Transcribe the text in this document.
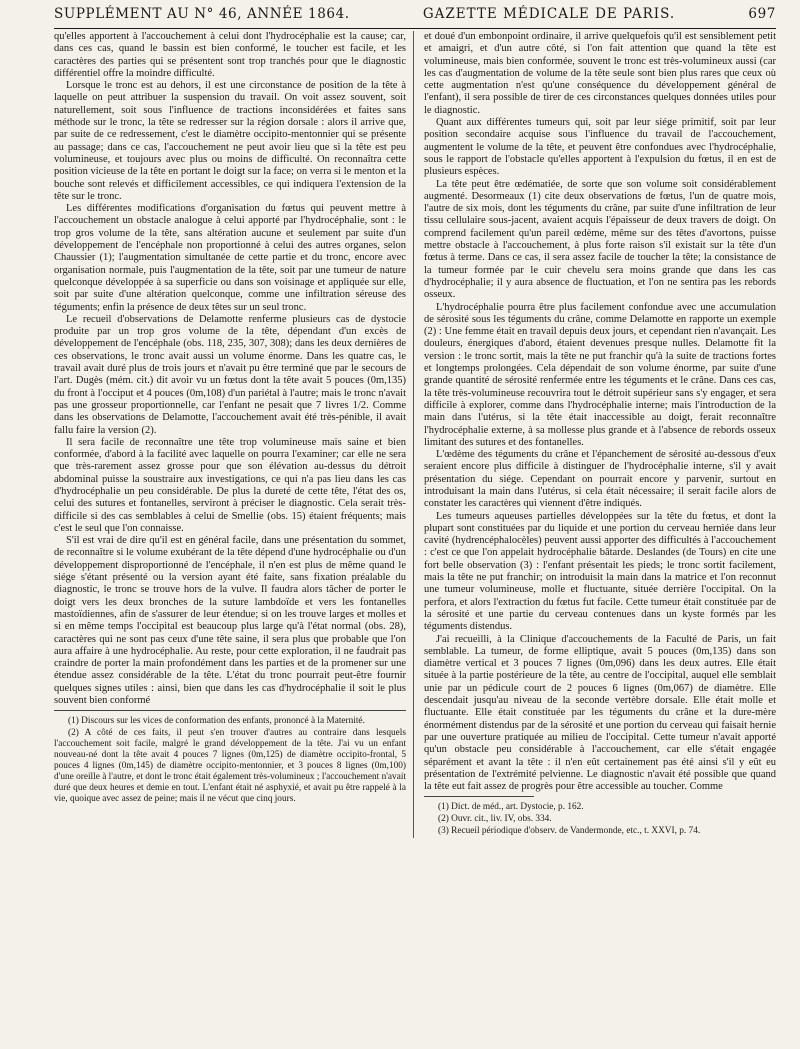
SUPPLÉMENT AU N° 46, ANNÉE 1864.	GAZETTE MÉDICALE DE PARIS.	697

qu'elles apportent à l'accouchement à celui dont l'hydrocéphalie est la cause; car, dans ces cas, quand le bassin est bien conformé, le toucher est facile, et les caractères des parties qui se présentent sont trop tranchés pour que le diagnostic différentiel offre la moindre difficulté.

Lorsque le tronc est au dehors, il est une circonstance de position de la tête à laquelle on peut attribuer la suspension du travail. On voit assez souvent, soit naturellement, soit sous l'influence de tractions inconsidérées et faites sans méthode sur le tronc, la tête se redresser sur la région dorsale : alors il arrive que, par suite de ce redressement, c'est le diamètre occipito-mentonnier qui se présente au passage; dans ce cas, l'accouchement ne peut avoir lieu que si la tête est peu volumineuse, et toujours avec plus ou moins de difficulté. On reconnaîtra cette position vicieuse de la tête en portant le doigt sur la face; on verra si le menton et la bouche sont relevés et difficilement accessibles, ce qui indiquera l'extension de la tête sur le tronc.

Les différentes modifications d'organisation du fœtus qui peuvent mettre à l'accouchement un obstacle analogue à celui apporté par l'hydrocéphalie, sont : le trop gros volume de la tête, sans altération aucune et seulement par suite d'un développement de l'encéphale non proportionné à celui des autres organes, selon Chaussier (1); l'augmentation simultanée de cette partie et du tronc, encore avec organisation normale, puis l'augmentation de la tête, soit par une tumeur de nature quelconque développée à sa superficie ou dans son voisinage et appliquée sur elle, soit par suite d'une altération quelconque, comme une infiltration séreuse des téguments; enfin la présence de deux têtes sur un seul tronc.

Le recueil d'observations de Delamotte renferme plusieurs cas de dystocie produite par un trop gros volume de la tête, dépendant d'un excès de développement de l'encéphale (obs. 118, 235, 307, 308); dans les deux dernières de ces observations, le tronc avait aussi un volume énorme. Dans les quatre cas, le travail avait duré plus de trois jours et n'avait pu être terminé que par le secours de l'art. Dugès (mém. cit.) dit avoir vu un fœtus dont la tête avait 5 pouces (0m,135) du front à l'occiput et 4 pouces (0m,108) d'un pariétal à l'autre; mais le tronc n'avait pas une grosseur proportionnelle, car l'enfant ne pesait que 7 livres 1/2. Comme dans les observations de Delamotte, l'accouchement avait été très-pénible, il avait fallu faire la version (2).

Il sera facile de reconnaître une tête trop volumineuse mais saine et bien conformée, d'abord à la facilité avec laquelle on pourra l'examiner; car elle ne sera que très-rarement assez grosse pour que son élévation au-dessus du détroit abdominal puisse la soustraire aux investigations, ce qui n'a pas lieu dans les cas d'hydrocéphalie un peu considérable. De plus la dureté de cette tête, l'état des os, celui des sutures et fontanelles, serviront à préciser le diagnostic. Cela serait très-difficile si des cas semblables à celui de Smellie (obs. 15) étaient fréquents; mais c'est le seul que l'on connaisse.

S'il est vrai de dire qu'il est en général facile, dans une présentation du sommet, de reconnaître si le volume exubérant de la tête dépend d'une hydrocéphalie ou d'un développement disproportionné de l'encéphale, il n'en est plus de même quand le siége s'étant présenté ou la version ayant été faite, sans fixation préalable du diagnostic, le tronc se trouve hors de la vulve. Il faudra alors tâcher de porter le doigt vers les deux bronches de la suture lambdoïde et vers les fontanelles mastoïdiennes, afin de s'assurer de leur étendue; si on les trouve larges et molles et si en même temps l'occipital est beaucoup plus large qu'à l'état normal (obs. 28), caractères qui ne sont pas ceux d'une tête saine, il sera plus que probable que l'on aura affaire à une hydrocéphalie. Au reste, pour cette exploration, il ne faudrait pas craindre de porter la main profondément dans les parties et de la promener sur une étendue assez considérable de la tête. L'état du tronc pourrait peut-être fournir quelques signes utiles : ainsi, bien que dans les cas d'hydrocéphalie il soit le plus souvent bien conformé

(1) Discours sur les vices de conformation des enfants, prononcé à la Maternité.

(2) A côté de ces faits, il peut s'en trouver d'autres au contraire dans lesquels l'accouchement soit facile, malgré le grand développement de la tête. J'ai vu un enfant nouveau-né dont la tête avait 4 pouces 7 lignes (0m,125) de diamètre occipito-frontal, 5 pouces 4 lignes (0m,145) de diamètre occipito-mentonnier, et 3 pouces 8 lignes (0m,100) d'une oreille à l'autre, et dont le tronc était également très-volumineux ; l'accouchement n'avait duré que deux heures et demie en tout. L'enfant était né asphyxié, et avait pu être rappelé à la vie, quoique avec assez de peine; mais il ne vécut que cinq jours.

et doué d'un embonpoint ordinaire, il arrive quelquefois qu'il est sensiblement petit et amaigri, et d'un autre côté, si l'on fait attention que quand la tête est volumineuse, mais bien conformée, souvent le tronc est très-volumineux aussi (car les cas d'augmentation de volume de la tête seule sont bien plus rares que ceux où cette augmentation n'est qu'une conséquence du développement général de l'enfant), il sera possible de tirer de ces circonstances quelques données utiles pour le diagnostic.

Quant aux différentes tumeurs qui, soit par leur siége primitif, soit par leur position secondaire acquise sous l'influence du travail de l'accouchement, augmentent le volume de la tête, et peuvent être confondues avec l'hydrocéphalie, sous le rapport de l'obstacle qu'elles apportent à l'expulsion du fœtus, il en est de plusieurs espèces.

La tête peut être œdématiée, de sorte que son volume soit considérablement augmenté. Desormeaux (1) cite deux observations de fœtus, l'un de quatre mois, l'autre de six mois, dont les téguments du crâne, par suite d'une infiltration de leur tissu cellulaire sous-jacent, avaient acquis l'épaisseur de deux travers de doigt. On comprend facilement qu'un pareil œdème, même sur des têtes d'avortons, puisse mettre obstacle à l'accouchement, à plus forte raison s'il existait sur la tête d'un fœtus à terme. Dans ce cas, il sera assez facile de toucher la tête; la consistance de la tumeur formée par le cuir chevelu sera moins grande que dans les cas d'hydrocéphalie; il y aura absence de fluctuation, et l'on ne sentira pas les rebords osseux.

L'hydrocéphalie pourra être plus facilement confondue avec une accumulation de sérosité sous les téguments du crâne, comme Delamotte en rapporte un exemple (2) : Une femme était en travail depuis deux jours, et cependant rien n'avançait. Les douleurs, énergiques d'abord, étaient devenues presque nulles. Delamotte fit la version : le tronc sortit, mais la tête ne put franchir qu'à la suite de tractions fortes et longtemps prolongées. Cela dépendait de son volume énorme, par suite d'une grande quantité de sérosité renfermée entre les téguments et le crâne. Dans ces cas, la tête très-volumineuse recouvrira tout le détroit supérieur sans s'y engager, et sera difficile à explorer, comme dans l'hydrocéphalie interne; mais l'introduction de la main dans l'utérus, si la tête était inaccessible au doigt, ferait reconnaître l'hydrocéphalie externe, à sa mollesse plus grande et à l'absence de rebords osseux limitant des sutures et des fontanelles.

L'œdème des téguments du crâne et l'épanchement de sérosité au-dessous d'eux seraient encore plus difficile à distinguer de l'hydrocéphalie interne, s'il y avait présentation du siége. Cependant on pourrait encore y parvenir, surtout en introduisant la main dans l'utérus, si cela était nécessaire; il serait facile alors de constater les caractères qui viennent d'être indiqués.

Les tumeurs aqueuses partielles développées sur la tête du fœtus, et dont la plupart sont constituées par du liquide et une portion du cerveau herniée dans leur cavité (hydrencéphalocèles) peuvent aussi apporter des difficultés à l'accouchement : c'est ce que l'on appelait hydrocéphalie bâtarde. Deslandes (de Tours) en cite une fort belle observation (3) : l'enfant présentait les pieds; le tronc sortit facilement, mais la tête ne put franchir; on introduisit la main dans la matrice et l'on reconnut une tumeur volumineuse, molle et fluctuante, située derrière l'occipital. On la perfora, et alors l'extraction du fœtus fut facile. Cette tumeur était constituée par de la sérosité et une partie du cerveau contenues dans un kyste formés par les téguments distendus.

J'ai recueilli, à la Clinique d'accouchements de la Faculté de Paris, un fait semblable. La tumeur, de forme elliptique, avait 5 pouces (0m,135) dans son diamètre vertical et 3 pouces 7 lignes (0m,096) dans les deux autres. Elle était située à la partie postérieure de la tête, au centre de l'occipital, auquel elle semblait unie par un pédicule court de 2 pouces 6 lignes (0m,067) de diamètre. Elle descendait jusqu'au niveau de la seconde vertèbre dorsale. Elle était molle et fluctuante. Elle était constituée par les téguments du crâne et la dure-mère énormément distendus par de la sérosité et une portion du cerveau qui faisait hernie par une ouverture pratiquée au milieu de l'occipital. Cette tumeur n'avait apporté qu'un obstacle peu considérable à l'accouchement, car elle s'était engagée séparément et avant la tête : il n'en eût certainement pas été ainsi s'il y eût eu présentation de l'extrémité pelvienne. Le diagnostic n'avait été possible que quand la tête eut fait assez de progrès pour être accessible au toucher. Comme

(1) Dict. de méd., art. Dystocie, p. 162.

(2) Ouvr. cit., liv. IV, obs. 334.

(3) Recueil périodique d'observ. de Vandermonde, etc., t. XXVI, p. 74.
